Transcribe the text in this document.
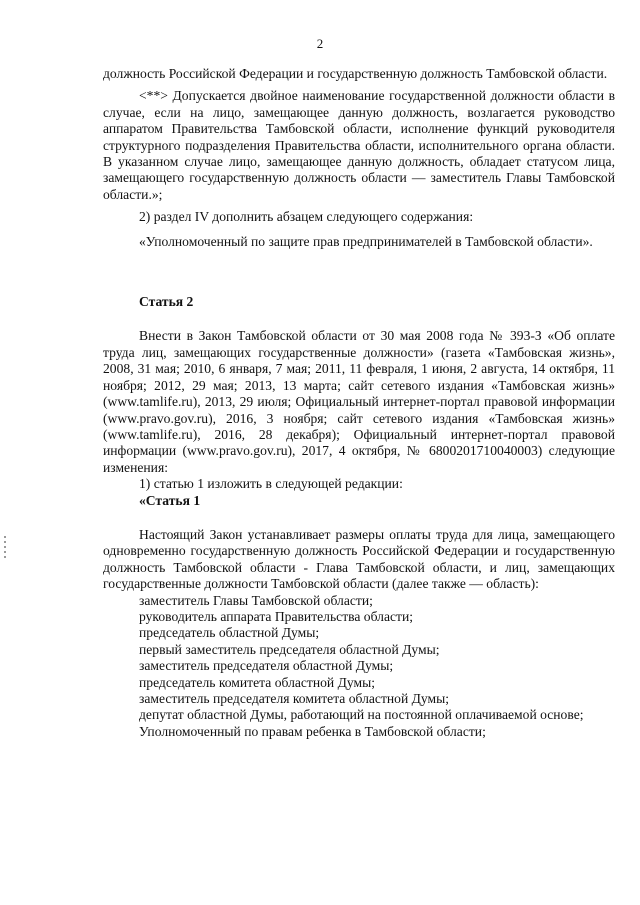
2

должность Российской Федерации и государственную должность Тамбовской области.

<**> Допускается двойное наименование государственной должности области в случае, если на лицо, замещающее данную должность, возлагается руководство аппаратом Правительства Тамбовской области, исполнение функций руководителя структурного подразделения Правительства области, исполнительного органа области. В указанном случае лицо, замещающее данную должность, обладает статусом лица, замещающего государственную должность области — заместитель Главы Тамбовской области.»;

2) раздел IV дополнить абзацем следующего содержания:

«Уполномоченный по защите прав предпринимателей в Тамбовской области».

Статья 2

Внести в Закон Тамбовской области от 30 мая 2008 года № 393-З «Об оплате труда лиц, замещающих государственные должности» (газета «Тамбовская жизнь», 2008, 31 мая; 2010, 6 января, 7 мая; 2011, 11 февраля, 1 июня, 2 августа, 14 октября, 11 ноября; 2012, 29 мая; 2013, 13 марта; сайт сетевого издания «Тамбовская жизнь» (www.tamlife.ru), 2013, 29 июля; Официальный интернет-портал правовой информации (www.pravo.gov.ru), 2016, 3 ноября; сайт сетевого издания «Тамбовская жизнь» (www.tamlife.ru), 2016, 28 декабря); Официальный интернет-портал правовой информации (www.pravo.gov.ru), 2017, 4 октября, № 6800201710040003) следующие изменения:

1) статью 1 изложить в следующей редакции:

«Статья 1

Настоящий Закон устанавливает размеры оплаты труда для лица, замещающего одновременно государственную должность Российской Федерации и государственную должность Тамбовской области - Глава Тамбовской области, и лиц, замещающих государственные должности Тамбовской области (далее также — область):

заместитель Главы Тамбовской области;

руководитель аппарата Правительства области;

председатель областной Думы;

первый заместитель председателя областной Думы;

заместитель председателя областной Думы;

председатель комитета областной Думы;

заместитель председателя комитета областной Думы;

депутат областной Думы, работающий на постоянной оплачиваемой основе;

Уполномоченный по правам ребенка в Тамбовской области;
